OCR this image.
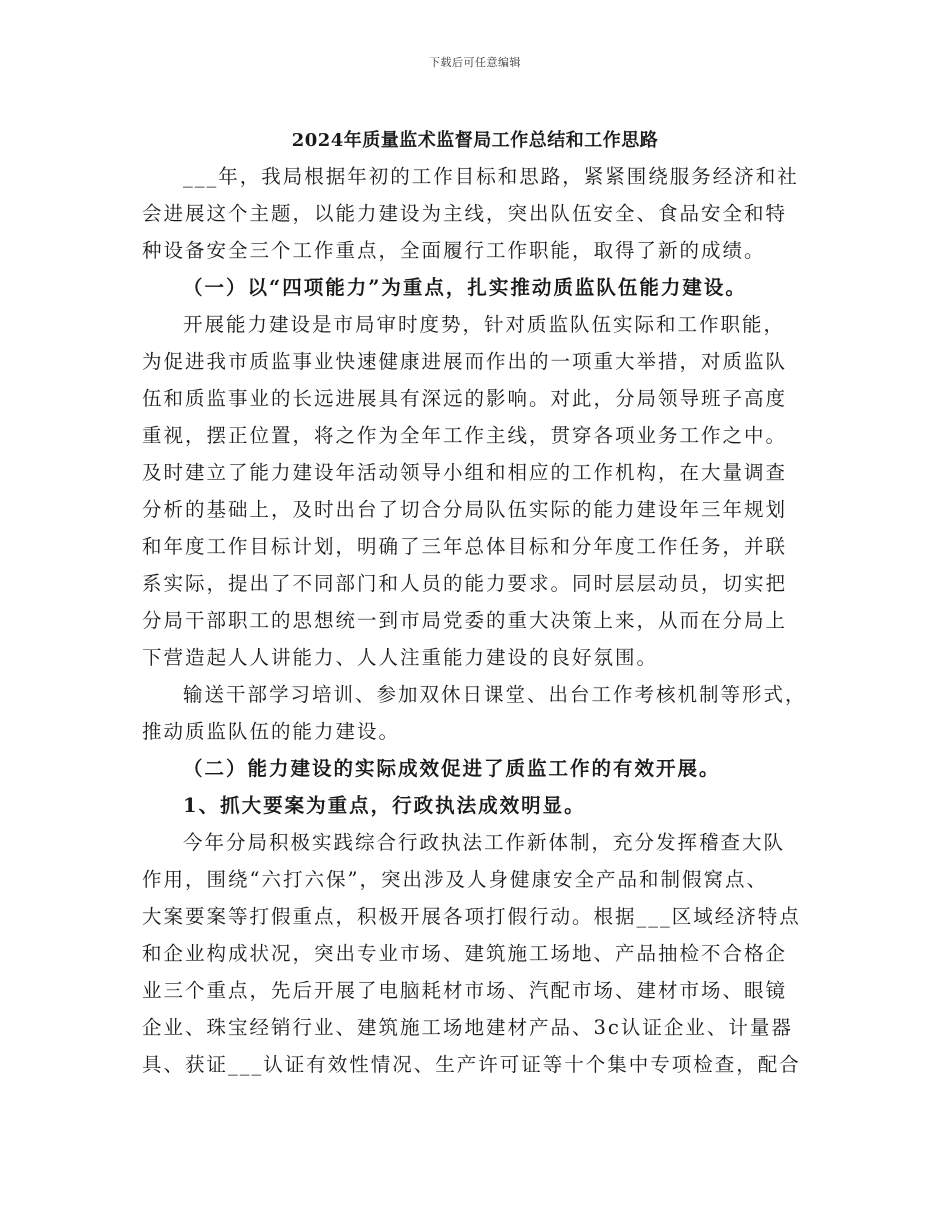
下载后可任意编辑
2024年质量监术监督局工作总结和工作思路
___年，我局根据年初的工作目标和思路，紧紧围绕服务经济和社
会进展这个主题，以能力建设为主线，突出队伍安全、食品安全和特
种设备安全三个工作重点，全面履行工作职能，取得了新的成绩。
（一）以“四项能力”为重点，扎实推动质监队伍能力建设。
开展能力建设是市局审时度势，针对质监队伍实际和工作职能，
为促进我市质监事业快速健康进展而作出的一项重大举措，对质监队
伍和质监事业的长远进展具有深远的影响。对此，分局领导班子高度
重视，摆正位置，将之作为全年工作主线，贯穿各项业务工作之中。
及时建立了能力建设年活动领导小组和相应的工作机构，在大量调查
分析的基础上，及时出台了切合分局队伍实际的能力建设年三年规划
和年度工作目标计划，明确了三年总体目标和分年度工作任务，并联
系实际，提出了不同部门和人员的能力要求。同时层层动员，切实把
分局干部职工的思想统一到市局党委的重大决策上来，从而在分局上
下营造起人人讲能力、人人注重能力建设的良好氛围。
输送干部学习培训、参加双休日课堂、出台工作考核机制等形式，
推动质监队伍的能力建设。
（二）能力建设的实际成效促进了质监工作的有效开展。
1、抓大要案为重点，行政执法成效明显。
今年分局积极实践综合行政执法工作新体制，充分发挥稽查大队
作用，围绕“六打六保”，突出涉及人身健康安全产品和制假窝点、
大案要案等打假重点，积极开展各项打假行动。根据___区域经济特点
和企业构成状况，突出专业市场、建筑施工场地、产品抽检不合格企
业三个重点，先后开展了电脑耗材市场、汽配市场、建材市场、眼镜
企业、珠宝经销行业、建筑施工场地建材产品、3c认证企业、计量器
具、获证___认证有效性情况、生产许可证等十个集中专项检查，配合
